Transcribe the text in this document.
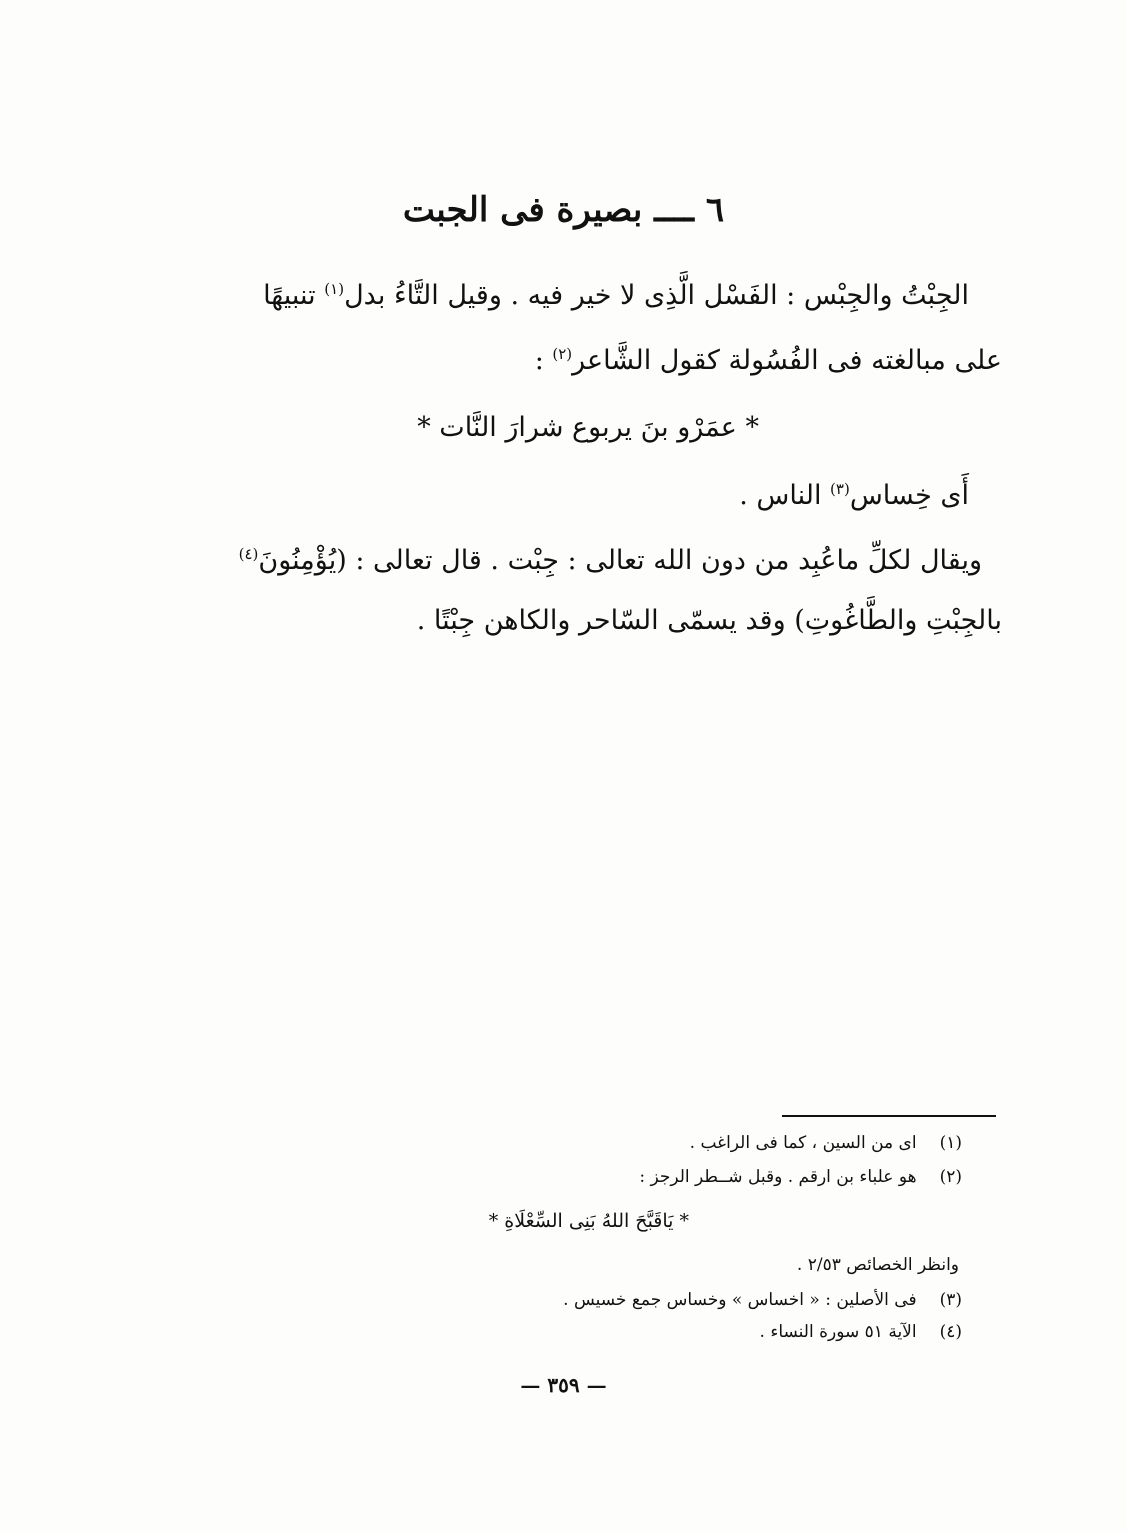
٦ ــــ بصيرة فى الجبت
الجِبْتُ والجِبْس : الفَسْل الَّذِى لا خير فيه . وقيل التَّاءُ بدل$^{(١)}$ تنبيهًا
على مبالغته فى الفُسُولة كقول الشَّاعر$^{(٢)}$ :
* عمَرْو بنَ يربوع شرارَ النَّات *
أَى خِساس$^{(٣)}$ الناس .
ويقال لكلِّ ماعُبِد من دون الله تعالى : جِبْت . قال تعالى : (يُؤْمِنُونَ$^{(٤)}$
بالجِبْتِ والطَّاغُوتِ) وقد يسمّى السّاحر والكاهن جِبْتًا .
(١) اى من السين ، كما فى الراغب .
(٢) هو علباء بن ارقم . وقبل شــطر الرجز :
* يَاقَبَّحَ اللهُ بَنِى السِّعْلَاةِ *
وانظر الخصائص ٢/٥٣ .
(٣) فى الأصلين : « اخساس » وخساس جمع خسيس .
(٤) الآية ٥١ سورة النساء .
— ٣٥٩ —
